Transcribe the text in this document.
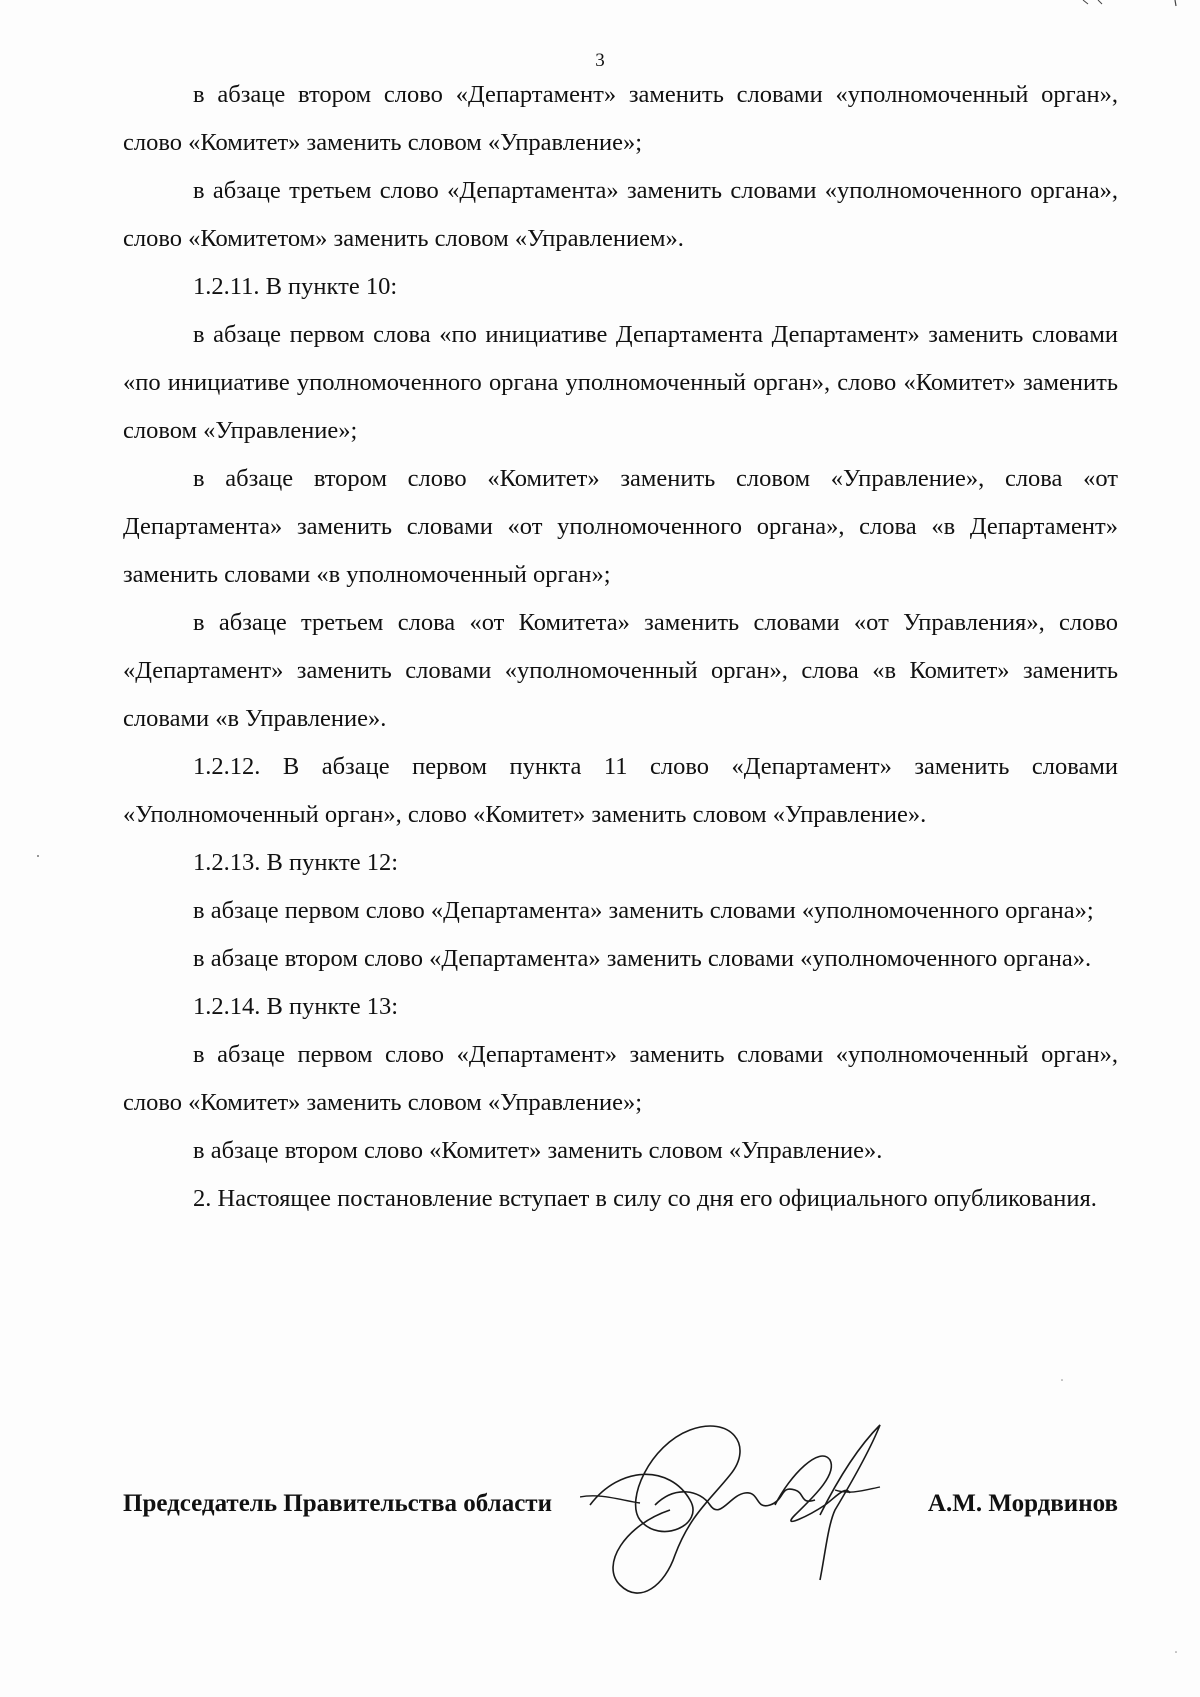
3

в абзаце втором слово «Департамент» заменить словами «уполномоченный орган», слово «Комитет» заменить словом «Управление»;

в абзаце третьем слово «Департамента» заменить словами «уполномоченного органа», слово «Комитетом» заменить словом «Управлением».

1.2.11. В пункте 10:

в абзаце первом слова «по инициативе Департамента Департамент» заменить словами «по инициативе уполномоченного органа уполномоченный орган», слово «Комитет» заменить словом «Управление»;

в абзаце втором слово «Комитет» заменить словом «Управление», слова «от Департамента» заменить словами «от уполномоченного органа», слова «в Департамент» заменить словами «в уполномоченный орган»;

в абзаце третьем слова «от Комитета» заменить словами «от Управления», слово «Департамент» заменить словами «уполномоченный орган», слова «в Комитет» заменить словами «в Управление».

1.2.12. В абзаце первом пункта 11 слово «Департамент» заменить словами «Уполномоченный орган», слово «Комитет» заменить словом «Управление».

1.2.13. В пункте 12:

в абзаце первом слово «Департамента» заменить словами «уполномоченного органа»;

в абзаце втором слово «Департамента» заменить словами «уполномоченного органа».

1.2.14. В пункте 13:

в абзаце первом слово «Департамент» заменить словами «уполномоченный орган», слово «Комитет» заменить словом «Управление»;

в абзаце втором слово «Комитет» заменить словом «Управление».

2. Настоящее постановление вступает в силу со дня его официального опубликования.

Председатель Правительства области	А.М. Мордвинов
